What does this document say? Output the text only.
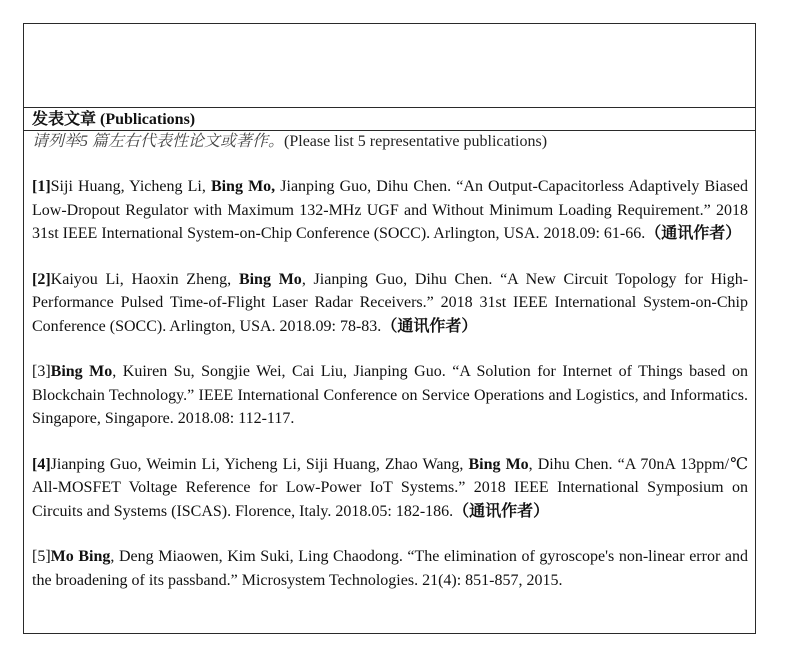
发表文章 (Publications)
请列举5 篇左右代表性论文或著作。(Please list 5 representative publications)

[1]Siji Huang, Yicheng Li, Bing Mo, Jianping Guo, Dihu Chen. “An Output-Capacitorless Adaptively Biased Low-Dropout Regulator with Maximum 132-MHz UGF and Without Minimum Loading Requirement.” 2018 31st IEEE International System-on-Chip Conference (SOCC). Arlington, USA. 2018.09: 61-66.（通讯作者）

[2]Kaiyou Li, Haoxin Zheng, Bing Mo, Jianping Guo, Dihu Chen. “A New Circuit Topology for High-Performance Pulsed Time-of-Flight Laser Radar Receivers.” 2018 31st IEEE International System-on-Chip Conference (SOCC). Arlington, USA. 2018.09: 78-83.（通讯作者）

[3]Bing Mo, Kuiren Su, Songjie Wei, Cai Liu, Jianping Guo. “A Solution for Internet of Things based on Blockchain Technology.” IEEE International Conference on Service Operations and Logistics, and Informatics. Singapore, Singapore. 2018.08: 112-117.

[4]Jianping Guo, Weimin Li, Yicheng Li, Siji Huang, Zhao Wang, Bing Mo, Dihu Chen. “A 70nA 13ppm/℃ All-MOSFET Voltage Reference for Low-Power IoT Systems.” 2018 IEEE International Symposium on Circuits and Systems (ISCAS). Florence, Italy. 2018.05: 182-186.（通讯作者）

[5]Mo Bing, Deng Miaowen, Kim Suki, Ling Chaodong. “The elimination of gyroscope's non-linear error and the broadening of its passband.” Microsystem Technologies. 21(4): 851-857, 2015.
